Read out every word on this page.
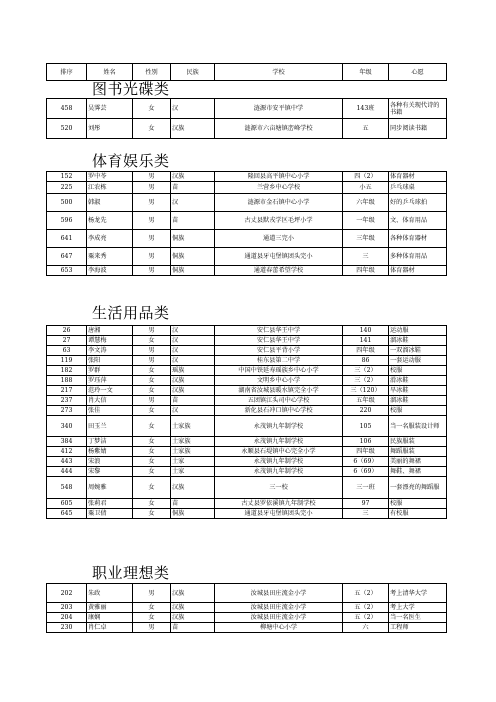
排序	姓名	性别	民族	学校	年级	心愿
图书光碟类
458	吴霁芸	女	汉	涟源市安平镇中学	143班	各种有关现代诗的书籍
520	刘彤	女	汉族	涟源市六亩塘镇峦峰学校	五	同步阅读书籍
体育娱乐类
152	罗中苓	男	汉族	隆回县高平镇中心小学	四（2）	体育器材
225	江农栋	男	苗	兰营乡中心学校	小五	乒乓球桌
500	韩淑	男	汉	涟源市金石镇中心小学	六年级	好的乒乓球拍
596	杨龙先	男	苗	古丈县默戎学区毛坪小学	一年级	文、体育用品
641	李成亮	男	侗族	通道三完小	三年级	各种体育器材
647	粟来秀	男	侗族	通道县牙屯堡镇团头完小	三	多种体育用品
653	李海波	男	侗族	通道春蕾希望学校	四年级	体育器材
生活用品类
26	唐湘	男	汉	安仁县华王中学	140	运动服
27	谭慧梅	女	汉	安仁县华王中学	141	溜冰鞋
63	李文涛	男	汉	安仁县平背小学	四年级	一双溜冰鞋
119	张阳	男	汉	桂东县第二中学	86	一套运动服
182	罗群	女	瑶族	中国中铁延寿瑶族乡中心小学	三（2）	校服
188	罗珏萍	女	汉族	文明乡中心小学	三（2）	滑冰鞋
217	范玲一文	女	汉族	湖南省汝城县暖水镇完全小学	三（120）	旱冰鞋
237	肖大信	男	苗	五团镇江头司中心学校	五年级	溜冰鞋
273	张佳	女	汉	新化县石冲口镇中心学校	220	校服
340	田玉兰	女	土家族	永茂镇九年制学校	105	当一名服装设计师
384	丁梦洁	女	土家族	永茂镇九年制学校	106	民族服装
412	杨紫婧	女	土家族	永顺县石堤镇中心完全小学	四年级	舞蹈服装
443	宋浪	女	土家	永茂镇九年制学校	6（69）	美丽的舞裙
444	宋黎	女	土家	永茂镇九年制学校	6（69）	舞鞋、舞裙
548	周婉雅	女	汉族	三一校	三一班	一套漂亮的舞蹈服
605	张莉君	女	苗	古丈县罗依溪镇九年制学校	97	校服
645	粟卫倩	女	侗族	通道县牙屯堡镇团头完小	三	有校服
职业理想类
202	朱政	男	汉族	汝城县田庄流金小学	五（2）	考上清华大学
203	黄雅丽	女	汉族	汝城县田庄流金小学	五（2）	考上大学
204	康娴	女	汉族	汝城县田庄流金小学	五（2）	当一名医生
230	肖仁卓	男	苗	柳塘中心小学	六	工程师
